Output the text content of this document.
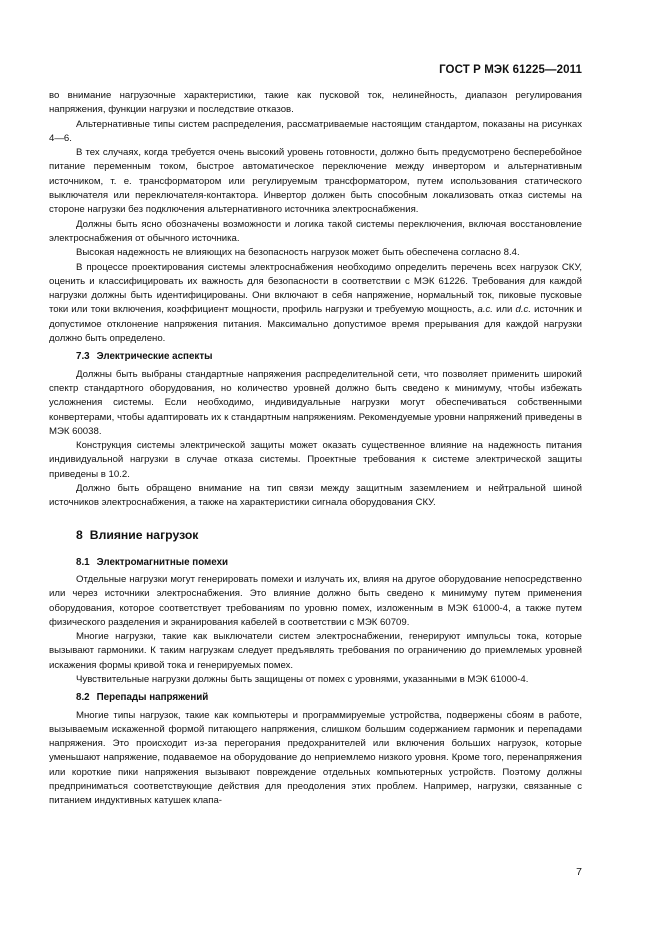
ГОСТ Р МЭК 61225—2011

во внимание нагрузочные характеристики, такие как пусковой ток, нелинейность, диапазон регулирования напряжения, функции нагрузки и последствие отказов.

Альтернативные типы систем распределения, рассматриваемые настоящим стандартом, показаны на рисунках 4—6.

В тех случаях, когда требуется очень высокий уровень готовности, должно быть предусмотрено бесперебойное питание переменным током, быстрое автоматическое переключение между инвертором и альтернативным источником, т. е. трансформатором или регулируемым трансформатором, путем использования статического выключателя или переключателя-контактора. Инвертор должен быть способным локализовать отказ системы на стороне нагрузки без подключения альтернативного источника электроснабжения.

Должны быть ясно обозначены возможности и логика такой системы переключения, включая восстановление электроснабжения от обычного источника.

Высокая надежность не влияющих на безопасность нагрузок может быть обеспечена согласно 8.4.

В процессе проектирования системы электроснабжения необходимо определить перечень всех нагрузок СКУ, оценить и классифицировать их важность для безопасности в соответствии с МЭК 61226. Требования для каждой нагрузки должны быть идентифицированы. Они включают в себя напряжение, нормальный ток, пиковые пусковые токи или токи включения, коэффициент мощности, профиль нагрузки и требуемую мощность, a.c. или d.c. источник и допустимое отклонение напряжения питания. Максимально допустимое время прерывания для каждой нагрузки должно быть определено.

7.3 Электрические аспекты

Должны быть выбраны стандартные напряжения распределительной сети, что позволяет применить широкий спектр стандартного оборудования, но количество уровней должно быть сведено к минимуму, чтобы избежать усложнения системы. Если необходимо, индивидуальные нагрузки могут обеспечиваться собственными конвертерами, чтобы адаптировать их к стандартным напряжениям. Рекомендуемые уровни напряжений приведены в МЭК 60038.

Конструкция системы электрической защиты может оказать существенное влияние на надежность питания индивидуальной нагрузки в случае отказа системы. Проектные требования к системе электрической защиты приведены в 10.2.

Должно быть обращено внимание на тип связи между защитным заземлением и нейтральной шиной источников электроснабжения, а также на характеристики сигнала оборудования СКУ.

8 Влияние нагрузок
8.1 Электромагнитные помехи

Отдельные нагрузки могут генерировать помехи и излучать их, влияя на другое оборудование непосредственно или через источники электроснабжения. Это влияние должно быть сведено к минимуму путем применения оборудования, которое соответствует требованиям по уровню помех, изложенным в МЭК 61000-4, а также путем физического разделения и экранирования кабелей в соответствии с МЭК 60709.

Многие нагрузки, такие как выключатели систем электроснабжении, генерируют импульсы тока, которые вызывают гармоники. К таким нагрузкам следует предъявлять требования по ограничению до приемлемых уровней искажения формы кривой тока и генерируемых помех.

Чувствительные нагрузки должны быть защищены от помех с уровнями, указанными в МЭК 61000-4.

8.2 Перепады напряжений

Многие типы нагрузок, такие как компьютеры и программируемые устройства, подвержены сбоям в работе, вызываемым искаженной формой питающего напряжения, слишком большим содержанием гармоник и перепадами напряжения. Это происходит из-за перегорания предохранителей или включения больших нагрузок, которые уменьшают напряжение, подаваемое на оборудование до неприемлемо низкого уровня. Кроме того, перенапряжения или короткие пики напряжения вызывают повреждение отдельных компьютерных устройств. Поэтому должны предприниматься соответствующие действия для преодоления этих проблем. Например, нагрузки, связанные с питанием индуктивных катушек клапа-

7
